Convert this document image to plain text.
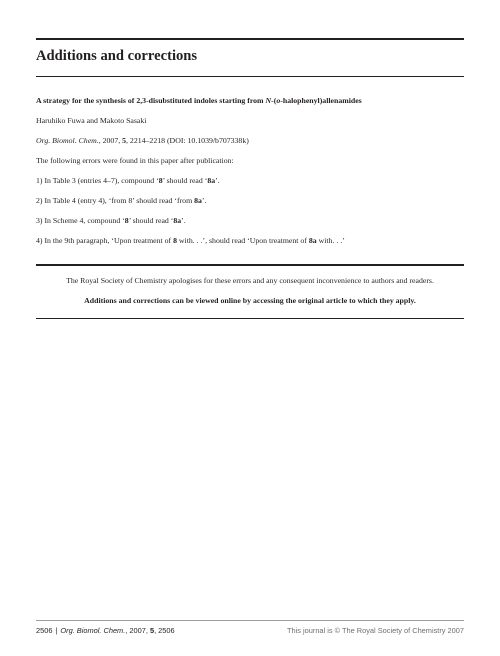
Additions and corrections
A strategy for the synthesis of 2,3-disubstituted indoles starting from N-(o-halophenyl)allenamides
Haruhiko Fuwa and Makoto Sasaki
Org. Biomol. Chem., 2007, 5, 2214–2218 (DOI: 10.1039/b707338k)
The following errors were found in this paper after publication:
1) In Table 3 (entries 4–7), compound ‘8’ should read ‘8a’.
2) In Table 4 (entry 4), ‘from 8’ should read ‘from 8a’.
3) In Scheme 4, compound ‘8’ should read ‘8a’.
4) In the 9th paragraph, ‘Upon treatment of 8 with. . .’, should read ‘Upon treatment of 8a with. . .’
The Royal Society of Chemistry apologises for these errors and any consequent inconvenience to authors and readers.
Additions and corrections can be viewed online by accessing the original article to which they apply.
2506 | Org. Biomol. Chem., 2007, 5, 2506	This journal is © The Royal Society of Chemistry 2007
